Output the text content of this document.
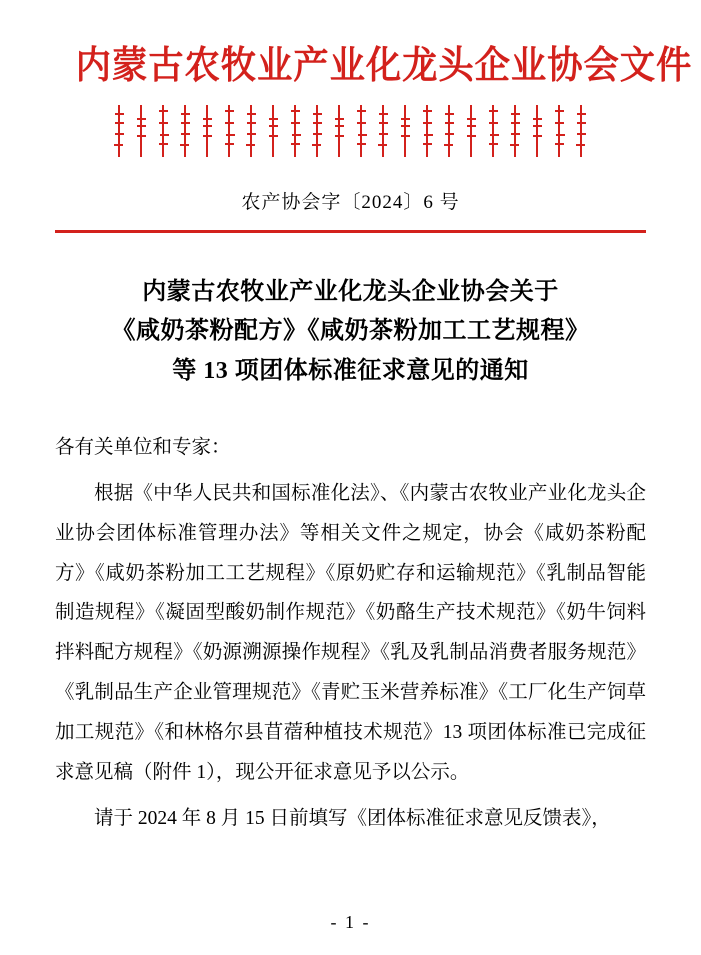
内蒙古农牧业产业化龙头企业协会文件
农产协会字〔2024〕6 号
内蒙古农牧业产业化龙头企业协会关于
《咸奶茶粉配方》《咸奶茶粉加工工艺规程》
等 13 项团体标准征求意见的通知

各有关单位和专家：

根据《中华人民共和国标准化法》、《内蒙古农牧业产业化龙头企业协会团体标准管理办法》等相关文件之规定，协会《咸奶茶粉配方》《咸奶茶粉加工工艺规程》《原奶贮存和运输规范》《乳制品智能制造规程》《凝固型酸奶制作规范》《奶酪生产技术规范》《奶牛饲料拌料配方规程》《奶源溯源操作规程》《乳及乳制品消费者服务规范》《乳制品生产企业管理规范》《青贮玉米营养标准》《工厂化生产饲草加工规范》《和林格尔县苜蓿种植技术规范》13 项团体标准已完成征求意见稿（附件 1），现公开征求意见予以公示。

请于 2024 年 8 月 15 日前填写《团体标准征求意见反馈表》，

- 1 -
